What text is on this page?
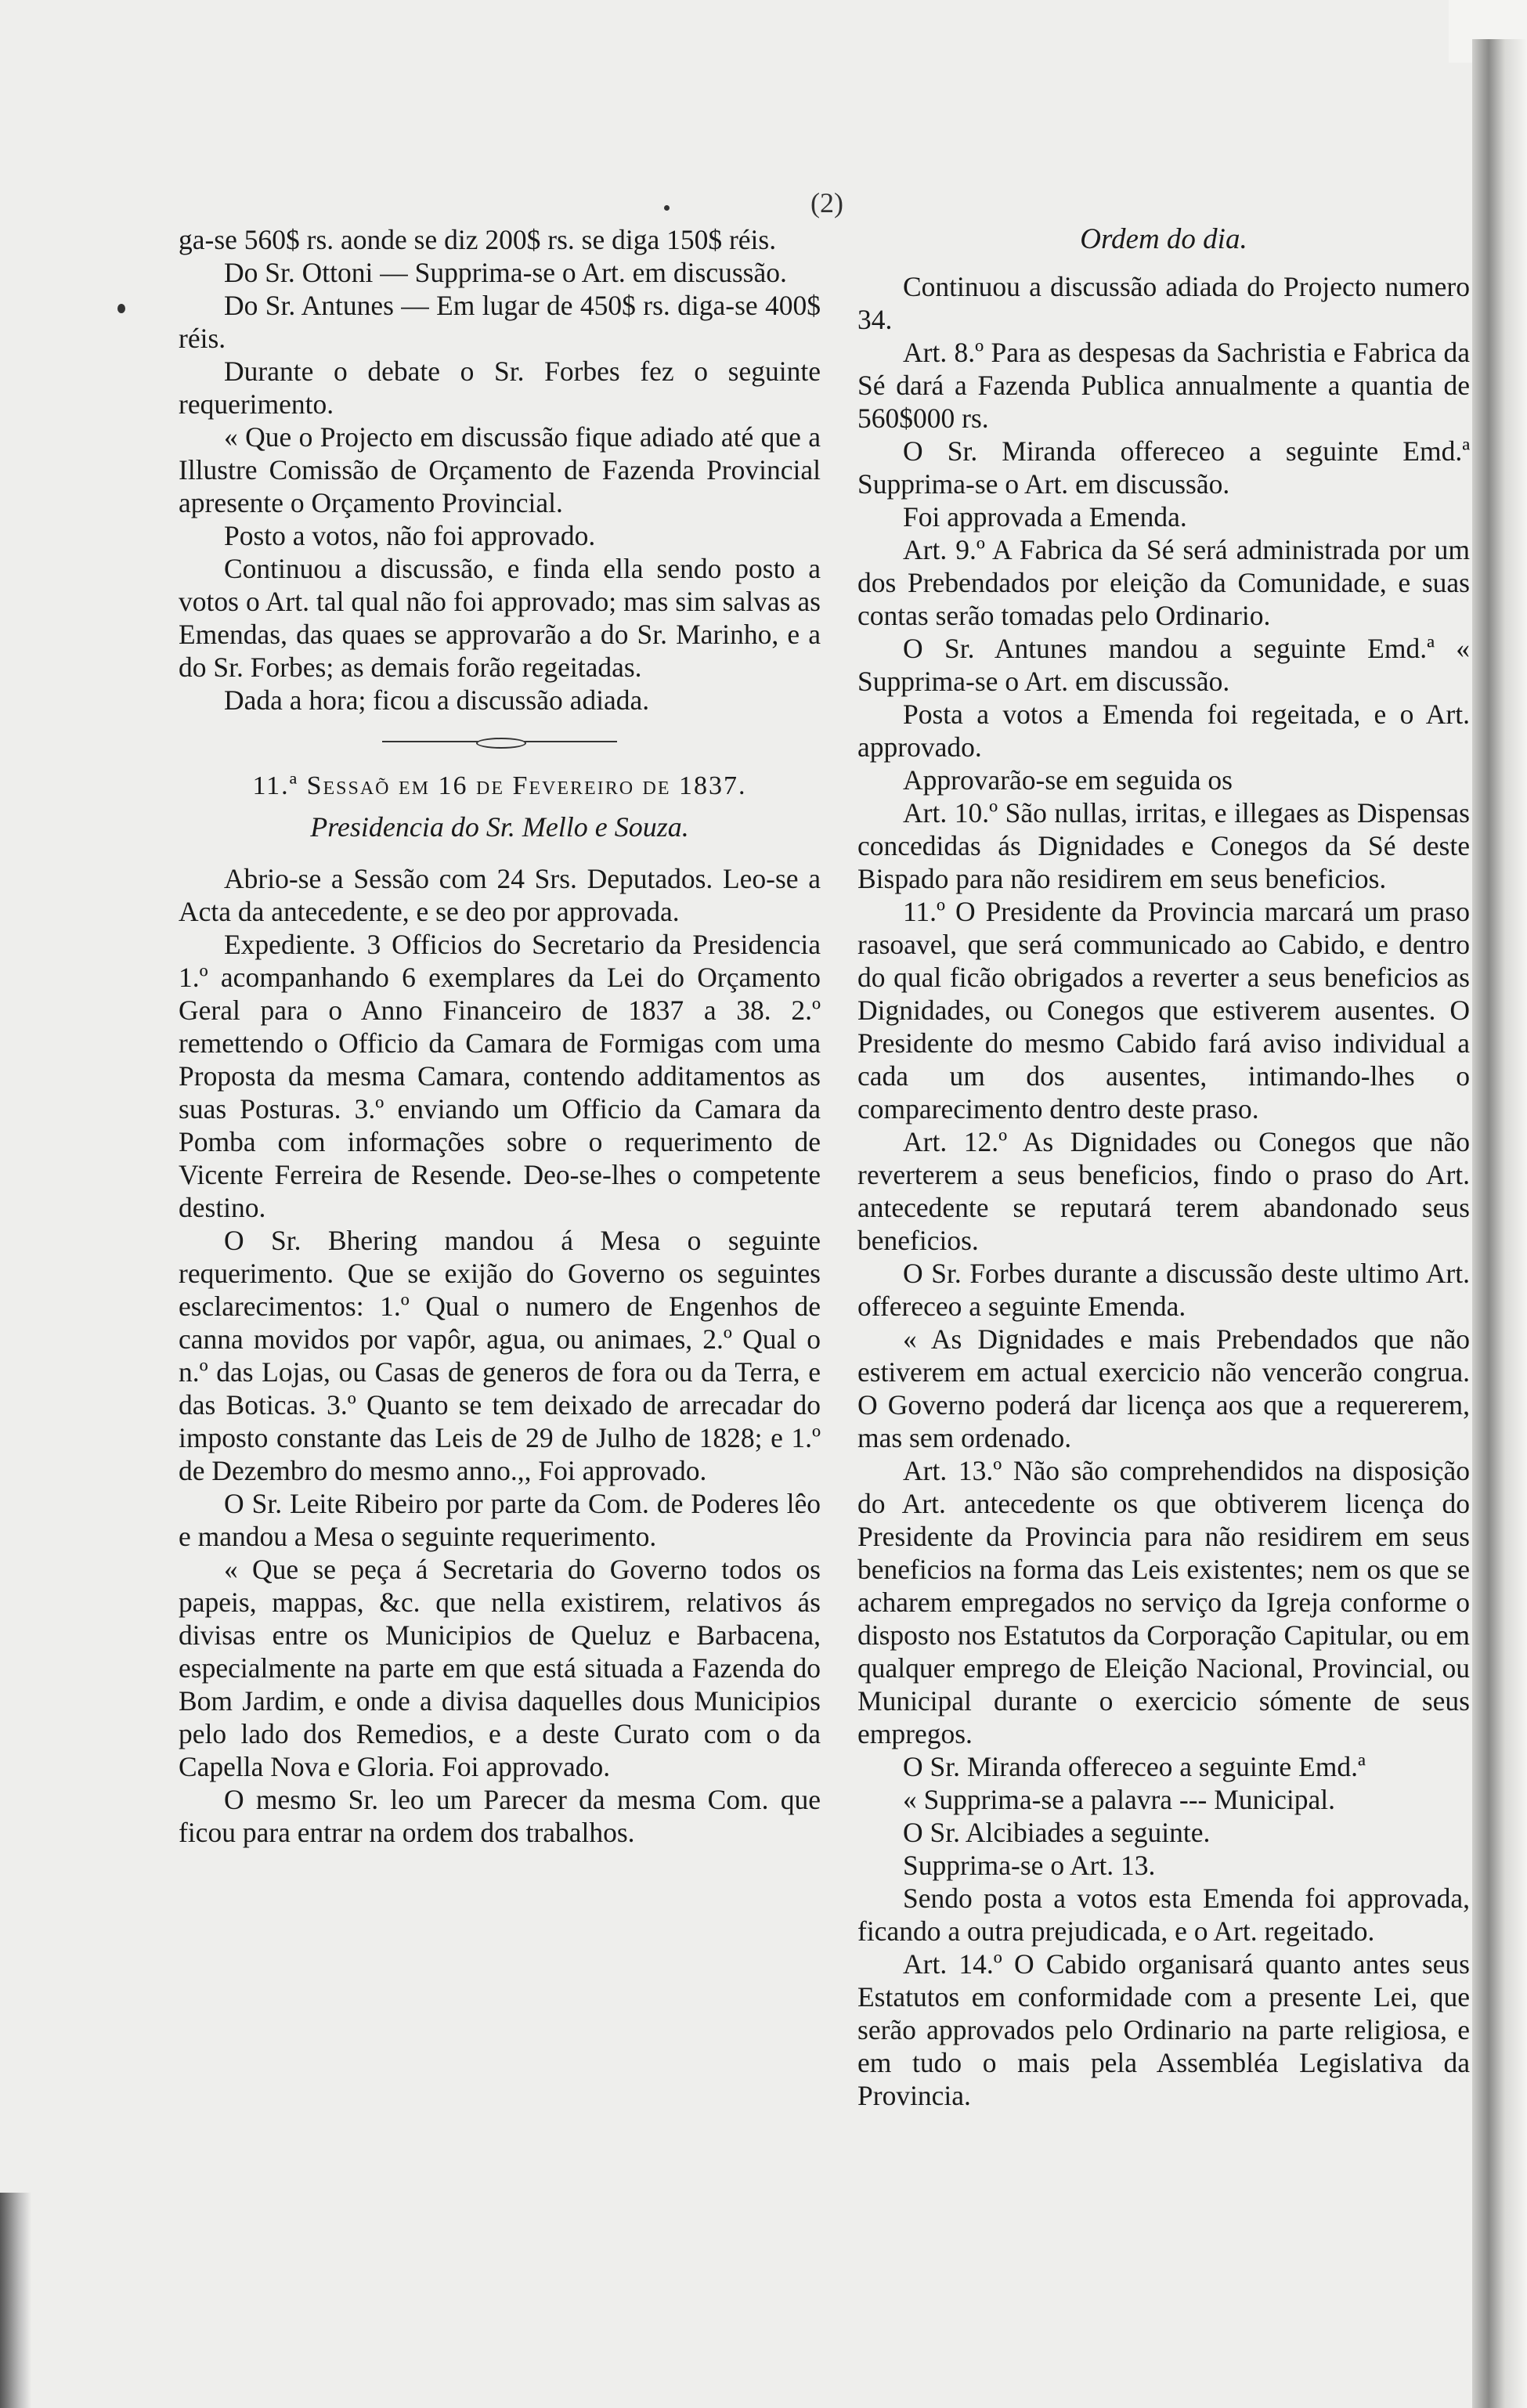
(2)

ga-se 560$ rs. aonde se diz 200$ rs. se diga 150$ réis.

Do Sr. Ottoni — Supprima-se o Art. em discussão.

Do Sr. Antunes — Em lugar de 450$ rs. diga-se 400$ réis.

Durante o debate o Sr. Forbes fez o seguinte requerimento.

« Que o Projecto em discussão fique adiado até que a Illustre Comissão de Orçamento de Fazenda Provincial apresente o Orçamento Provincial.

Posto a votos, não foi approvado.

Continuou a discussão, e finda ella sendo posto a votos o Art. tal qual não foi approvado; mas sim salvas as Emendas, das quaes se approvarão a do Sr. Marinho, e a do Sr. Forbes; as demais forão regeitadas.

Dada a hora; ficou a discussão adiada.

11.ª Sessaõ em 16 de Fevereiro de 1837.
Presidencia do Sr. Mello e Souza.

Abrio-se a Sessão com 24 Srs. Deputados. Leo-se a Acta da antecedente, e se deo por approvada.

Expediente. 3 Officios do Secretario da Presidencia 1.º acompanhando 6 exemplares da Lei do Orçamento Geral para o Anno Financeiro de 1837 a 38. 2.º remettendo o Officio da Camara de Formigas com uma Proposta da mesma Camara, contendo additamentos as suas Posturas. 3.º enviando um Officio da Camara da Pomba com informações sobre o requerimento de Vicente Ferreira de Resende. Deo-se-lhes o competente destino.

O Sr. Bhering mandou á Mesa o seguinte requerimento. Que se exijão do Governo os seguintes esclarecimentos: 1.º Qual o numero de Engenhos de canna movidos por vapôr, agua, ou animaes, 2.º Qual o n.º das Lojas, ou Casas de generos de fora ou da Terra, e das Boticas. 3.º Quanto se tem deixado de arrecadar do imposto constante das Leis de 29 de Julho de 1828; e 1.º de Dezembro do mesmo anno.,, Foi approvado.

O Sr. Leite Ribeiro por parte da Com. de Poderes lêo e mandou a Mesa o seguinte requerimento.

« Que se peça á Secretaria do Governo todos os papeis, mappas, &c. que nella existirem, relativos ás divisas entre os Municipios de Queluz e Barbacena, especialmente na parte em que está situada a Fazenda do Bom Jardim, e onde a divisa daquelles dous Municipios pelo lado dos Remedios, e a deste Curato com o da Capella Nova e Gloria. Foi approvado.

O mesmo Sr. leo um Parecer da mesma Com. que ficou para entrar na ordem dos trabalhos.

Ordem do dia.

Continuou a discussão adiada do Projecto numero 34.

Art. 8.º Para as despesas da Sachristia e Fabrica da Sé dará a Fazenda Publica annualmente a quantia de 560$000 rs.

O Sr. Miranda offereceo a seguinte Emd.ª Supprima-se o Art. em discussão.

Foi approvada a Emenda.

Art. 9.º A Fabrica da Sé será administrada por um dos Prebendados por eleição da Comunidade, e suas contas serão tomadas pelo Ordinario.

O Sr. Antunes mandou a seguinte Emd.ª « Supprima-se o Art. em discussão.

Posta a votos a Emenda foi regeitada, e o Art. approvado.

Approvarão-se em seguida os

Art. 10.º São nullas, irritas, e illegaes as Dispensas concedidas ás Dignidades e Conegos da Sé deste Bispado para não residirem em seus beneficios.

11.º O Presidente da Provincia marcará um praso rasoavel, que será communicado ao Cabido, e dentro do qual ficão obrigados a reverter a seus beneficios as Dignidades, ou Conegos que estiverem ausentes. O Presidente do mesmo Cabido fará aviso individual a cada um dos ausentes, intimando-lhes o comparecimento dentro deste praso.

Art. 12.º As Dignidades ou Conegos que não reverterem a seus beneficios, findo o praso do Art. antecedente se reputará terem abandonado seus beneficios.

O Sr. Forbes durante a discussão deste ultimo Art. offereceo a seguinte Emenda.

« As Dignidades e mais Prebendados que não estiverem em actual exercicio não vencerão congrua. O Governo poderá dar licença aos que a requererem, mas sem ordenado.

Art. 13.º Não são comprehendidos na disposição do Art. antecedente os que obtiverem licença do Presidente da Provincia para não residirem em seus beneficios na forma das Leis existentes; nem os que se acharem empregados no serviço da Igreja conforme o disposto nos Estatutos da Corporação Capitular, ou em qualquer emprego de Eleição Nacional, Provincial, ou Municipal durante o exercicio sómente de seus empregos.

O Sr. Miranda offereceo a seguinte Emd.ª

« Supprima-se a palavra --- Municipal.

O Sr. Alcibiades a seguinte.

Supprima-se o Art. 13.

Sendo posta a votos esta Emenda foi approvada, ficando a outra prejudicada, e o Art. regeitado.

Art. 14.º O Cabido organisará quanto antes seus Estatutos em conformidade com a presente Lei, que serão approvados pelo Ordinario na parte religiosa, e em tudo o mais pela Assembléa Legislativa da Provincia.
